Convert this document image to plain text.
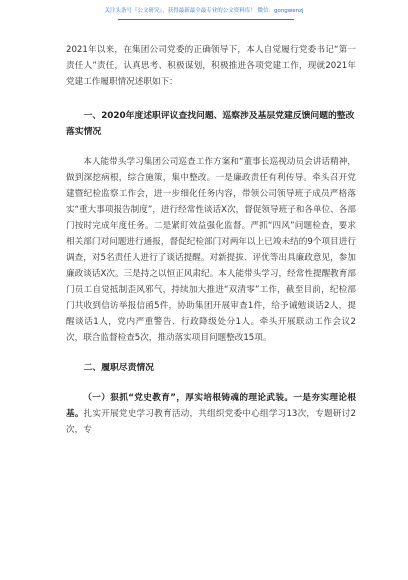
关注头条号『公文研究』，获得最新最全最专业的公文资料库！ 微信：gongwenzj

2021年以来，在集团公司党委的正确领导下，本人自觉履行党委书记“第一责任人”责任，认真思考、积极谋划，积极推进各项党建工作，现就2021年党建工作履职情况述职如下：

一、2020年度述职评议查找问题、巡察涉及基层党建反馈问题的整改落实情况

本人能带头学习集团公司巡查工作方案和“董事长巡视动员会讲话精神，做到深挖病根，综合施策，集中整改。一是廉政责任有利传导。牵头召开党建暨纪检监察工作会，进一步细化任务内容，带领公司领导班子成员严格落实“重大事项报告制度”，进行经常性谈话X次，督促领导班子和各单位、各部门按时完成年度任务。二是紧盯效益强化监督。严抓“四风”问题检查，要求相关部门对问题进行通报，督促纪检部门对两年以上已竣未结的9个项目进行调查，对5名责任人进行了谈话提醒。对新提拔、评优等出具廉政意见，参加廉政谈话X次。三是持之以恒正风肃纪。本人能带头学习，经常性提醒教育部门员工自觉抵制歪风邪气，持续加大推进“双清零”工作，截至目前，纪检部门共收到信访举报信函5件，协助集团开展审查1件，给予诫勉谈话2人，提醒谈话1人，党内严重警告、行政降级处分1人。牵头开展联动工作会议2次，联合监督检查5次，推动落实项目问题整改15项。

二、履职尽责情况

（一）狠抓“党史教育”，厚实培根铸魂的理论武装。一是夯实理论根基。扎实开展党史学习教育活动，共组织党委中心组学习13次，专题研讨2次，专
